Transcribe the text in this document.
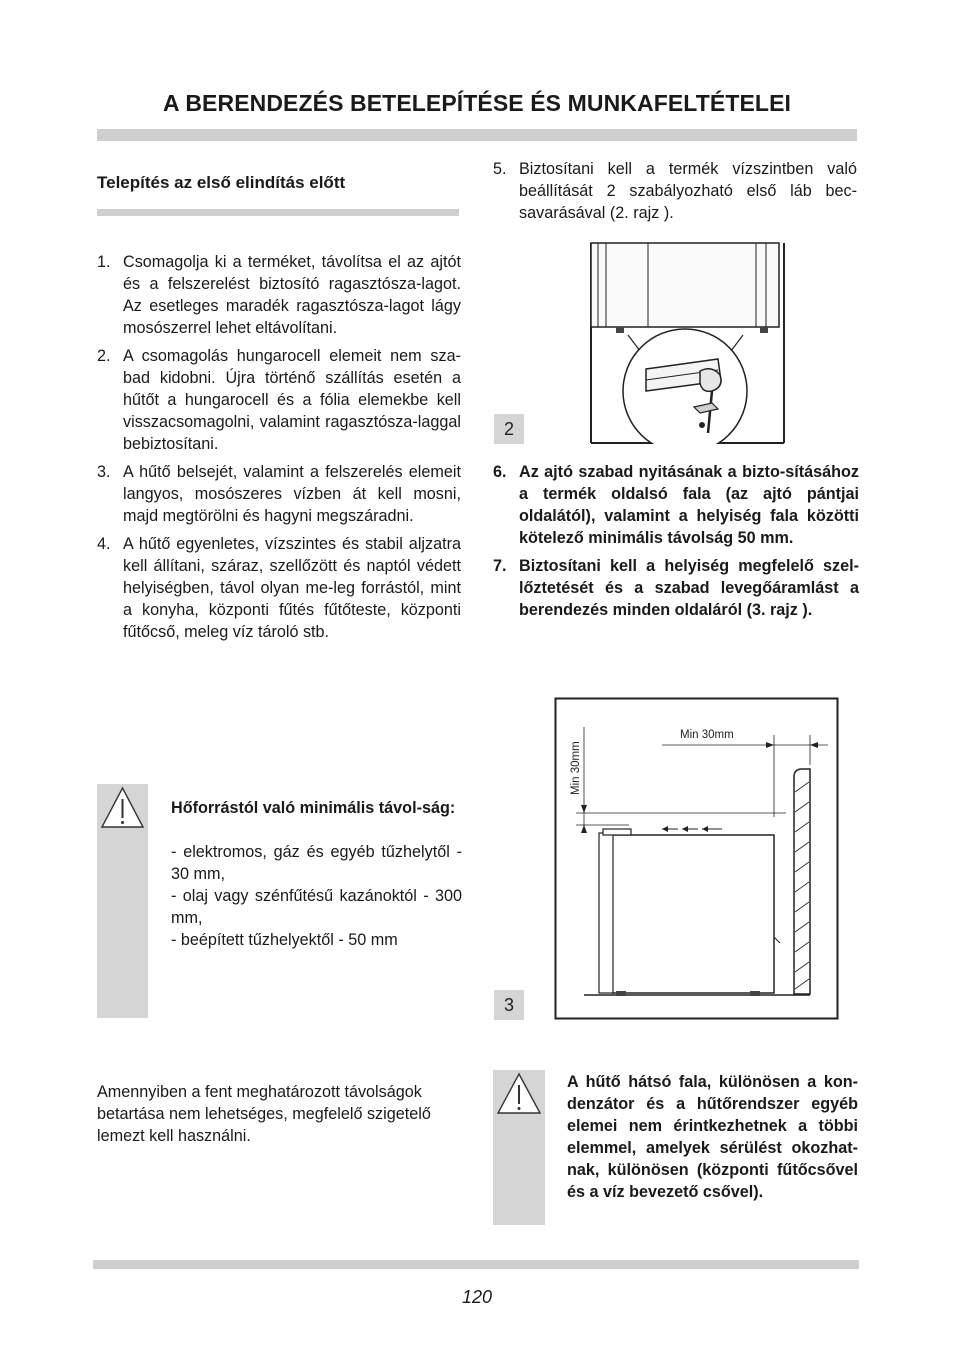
A BERENDEZÉS BETELEPÍTÉSE ÉS MUNKAFELTÉTELEI
Telepítés az első elindítás előtt
1. Csomagolja ki a terméket, távolítsa el az ajtót és a felszerelést biztosító ragasztósza-lagot. Az esetleges maradék ragasztósza-lagot lágy mosószerrel lehet eltávolítani.
2. A csomagolás hungarocell elemeit nem sza-bad kidobni. Újra történő szállítás esetén a hűtőt a hungarocell és a fólia elemekbe kell visszacsomagolni, valamint ragasztósza-laggal bebiztosítani.
3. A hűtő belsejét, valamint a felszerelés elemeit langyos, mosószeres vízben át kell mosni, majd megtörölni és hagyni megszáradni.
4. A hűtő egyenletes, vízszintes és stabil aljzatra kell állítani, száraz, szellőzött és naptól védett helyiségben, távol olyan me-leg forrástól, mint a konyha, központi fűtés fűtőteste, központi fűtőcső, meleg víz tároló stb.
Hőforrástól való minimális távol-ság:
- elektromos, gáz és egyéb tűzhelytől - 30 mm,
- olaj vagy szénfűtésű kazánoktól - 300 mm,
- beépített tűzhelyektől - 50 mm
Amennyiben a fent meghatározott távolságok betartása nem lehetséges, megfelelő szigetelő lemezt kell használni.
5. Biztosítani kell a termék vízszintben való beállítását 2 szabályozható első láb bec-savarásával (2. rajz ).
2
6. Az ajtó szabad nyitásának a bizto-sításához a termék oldalsó fala (az ajtó pántjai oldalától), valamint a helyiség fala közötti kötelező minimális távolság 50 mm.
7. Biztosítani kell a helyiség megfelelő szel-lőztetését és a szabad levegőáramlást a berendezés minden oldaláról (3. rajz ).
3
Min 30mm
Min 30mm
A hűtő hátsó fala, különösen a kon-denzátor és a hűtőrendszer egyéb elemei nem érintkezhetnek a többi elemmel, amelyek sérülést okozhat-nak, különösen (központi fűtőcsővel és a víz bevezető csővel).
120
